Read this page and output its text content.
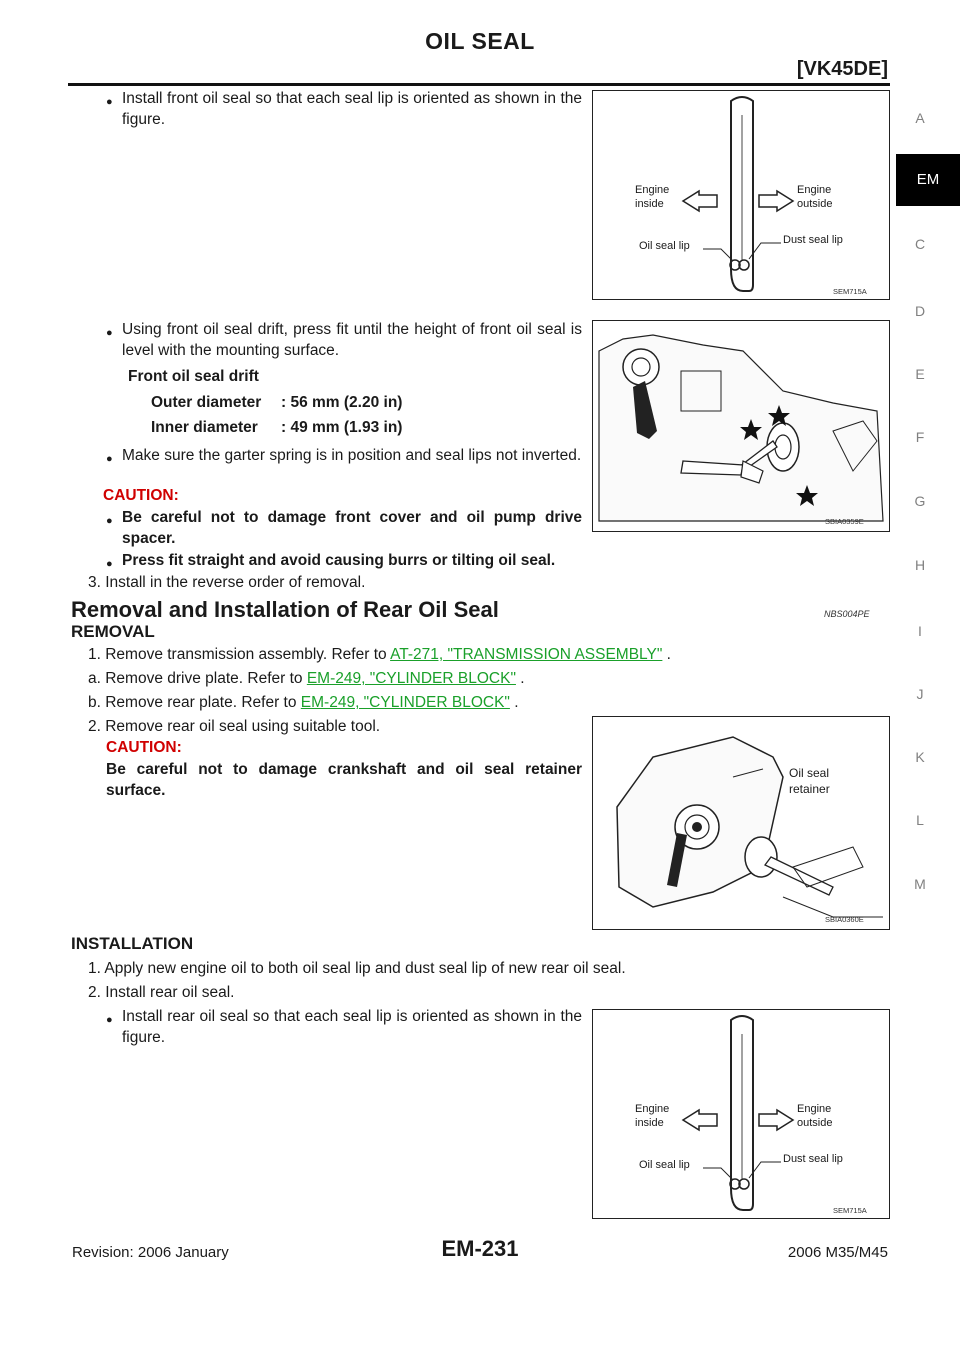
OIL SEAL
[VK45DE]
A
EM
C
D
E
F
G
H
I
J
K
L
M
● Install front oil seal so that each seal lip is oriented as shown in the figure.
● Using front oil seal drift, press fit until the height of front oil seal is level with the mounting surface.
Front oil seal drift
Outer diameter : 56 mm (2.20 in)
Inner diameter : 49 mm (1.93 in)
● Make sure the garter spring is in position and seal lips not inverted.
CAUTION:
● Be careful not to damage front cover and oil pump drive spacer.
● Press fit straight and avoid causing burrs or tilting oil seal.
3. Install in the reverse order of removal.
Removal and Installation of Rear Oil Seal	NBS004PE
REMOVAL
1. Remove transmission assembly. Refer to AT-271, "TRANSMISSION ASSEMBLY" .
a. Remove drive plate. Refer to EM-249, "CYLINDER BLOCK" .
b. Remove rear plate. Refer to EM-249, "CYLINDER BLOCK" .
2. Remove rear oil seal using suitable tool.
CAUTION:
Be careful not to damage crankshaft and oil seal retainer surface.
INSTALLATION
1. Apply new engine oil to both oil seal lip and dust seal lip of new rear oil seal.
2. Install rear oil seal.
● Install rear oil seal so that each seal lip is oriented as shown in the figure.
Engine inside
Engine outside
Oil seal lip	Dust seal lip
SEM715A
SBIA0359E
Oil seal retainer
SBIA0360E
Engine inside
Engine outside
Oil seal lip	Dust seal lip
SEM715A
Revision: 2006 January	EM-231	2006 M35/M45
